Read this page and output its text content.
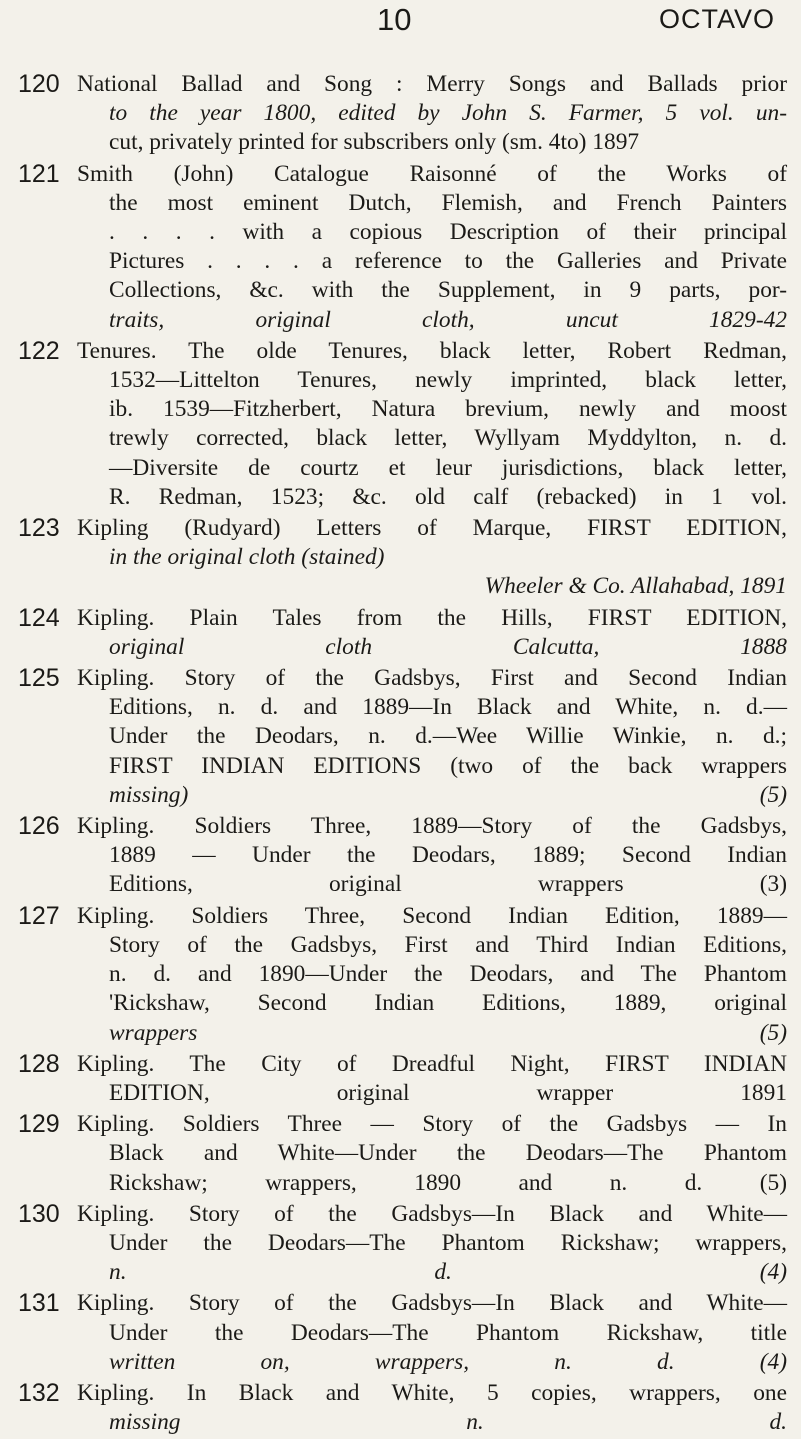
10	OCTAVO
120 National Ballad and Song : Merry Songs and Ballads prior
to the year 1800, edited by John S. Farmer, 5 vol. un-
cut, privately printed for subscribers only (sm. 4to) 1897
121 Smith (John) Catalogue Raisonné of the Works of
the most eminent Dutch, Flemish, and French Painters
. . . . with a copious Description of their principal
Pictures . . . . a reference to the Galleries and Private
Collections, &c. with the Supplement, in 9 parts, por-
traits, original cloth, uncut 1829-42
122 Tenures. The olde Tenures, black letter, Robert Redman,
1532—Littelton Tenures, newly imprinted, black letter,
ib. 1539—Fitzherbert, Natura brevium, newly and moost
trewly corrected, black letter, Wyllyam Myddylton, n. d.
—Diversite de courtz et leur jurisdictions, black letter,
R. Redman, 1523; &c. old calf (rebacked) in 1 vol.
123 Kipling (Rudyard) Letters of Marque, FIRST EDITION,
in the original cloth (stained)
Wheeler & Co. Allahabad, 1891
124 Kipling. Plain Tales from the Hills, FIRST EDITION,
original cloth Calcutta, 1888
125 Kipling. Story of the Gadsbys, First and Second Indian
Editions, n. d. and 1889—In Black and White, n. d.—
Under the Deodars, n. d.—Wee Willie Winkie, n. d.;
FIRST INDIAN EDITIONS (two of the back wrappers
missing) (5)
126 Kipling. Soldiers Three, 1889—Story of the Gadsbys,
1889 — Under the Deodars, 1889; Second Indian
Editions, original wrappers (3)
127 Kipling. Soldiers Three, Second Indian Edition, 1889—
Story of the Gadsbys, First and Third Indian Editions,
n. d. and 1890—Under the Deodars, and The Phantom
'Rickshaw, Second Indian Editions, 1889, original
wrappers (5)
128 Kipling. The City of Dreadful Night, FIRST INDIAN
EDITION, original wrapper 1891
129 Kipling. Soldiers Three — Story of the Gadsbys — In
Black and White—Under the Deodars—The Phantom
Rickshaw; wrappers, 1890 and n. d. (5)
130 Kipling. Story of the Gadsbys—In Black and White—
Under the Deodars—The Phantom Rickshaw; wrappers,
n. d. (4)
131 Kipling. Story of the Gadsbys—In Black and White—
Under the Deodars—The Phantom Rickshaw, title
written on, wrappers, n. d. (4)
132 Kipling. In Black and White, 5 copies, wrappers, one
missing n. d.
